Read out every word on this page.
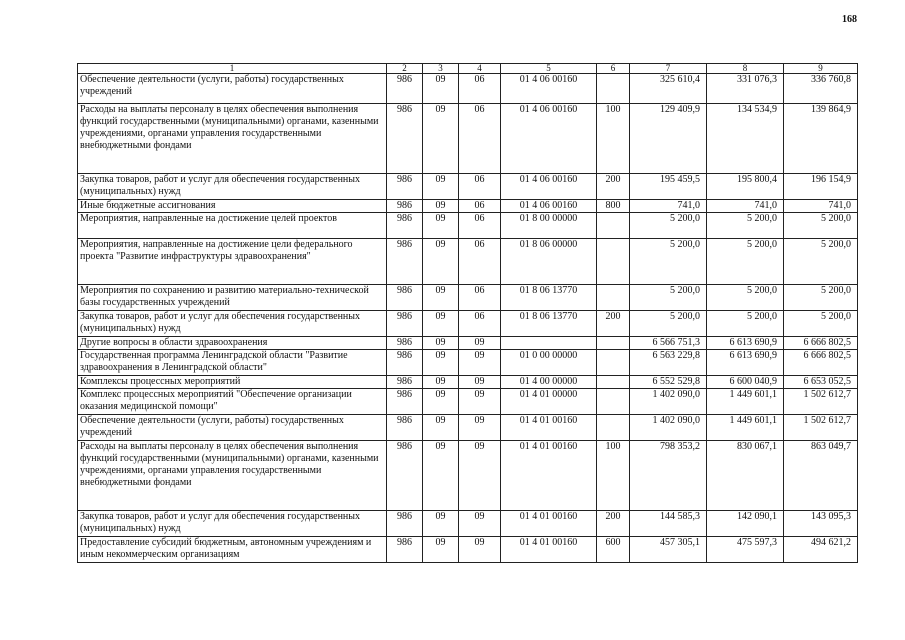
168
1	2	3	4	5	6	7	8	9
Обеспечение деятельности (услуги, работы) государственных учреждений	986	09	06	01 4 06 00160		325 610,4	331 076,3	336 760,8
Расходы на выплаты персоналу в целях обеспечения выполнения функций государственными (муниципальными) органами, казенными учреждениями, органами управления государственными внебюджетными фондами	986	09	06	01 4 06 00160	100	129 409,9	134 534,9	139 864,9
Закупка товаров, работ и услуг для обеспечения государственных (муниципальных) нужд	986	09	06	01 4 06 00160	200	195 459,5	195 800,4	196 154,9
Иные бюджетные ассигнования	986	09	06	01 4 06 00160	800	741,0	741,0	741,0
Мероприятия, направленные на достижение целей проектов	986	09	06	01 8 00 00000		5 200,0	5 200,0	5 200,0
Мероприятия, направленные на достижение цели федерального проекта "Развитие инфраструктуры здравоохранения"	986	09	06	01 8 06 00000		5 200,0	5 200,0	5 200,0
Мероприятия по сохранению и развитию материально-технической базы государственных учреждений	986	09	06	01 8 06 13770		5 200,0	5 200,0	5 200,0
Закупка товаров, работ и услуг для обеспечения государственных (муниципальных) нужд	986	09	06	01 8 06 13770	200	5 200,0	5 200,0	5 200,0
Другие вопросы в области здравоохранения	986	09	09			6 566 751,3	6 613 690,9	6 666 802,5
Государственная программа Ленинградской области "Развитие здравоохранения в Ленинградской области"	986	09	09	01 0 00 00000		6 563 229,8	6 613 690,9	6 666 802,5
Комплексы процессных мероприятий	986	09	09	01 4 00 00000		6 552 529,8	6 600 040,9	6 653 052,5
Комплекс процессных мероприятий "Обеспечение организации оказания медицинской помощи"	986	09	09	01 4 01 00000		1 402 090,0	1 449 601,1	1 502 612,7
Обеспечение деятельности (услуги, работы) государственных учреждений	986	09	09	01 4 01 00160		1 402 090,0	1 449 601,1	1 502 612,7
Расходы на выплаты персоналу в целях обеспечения выполнения функций государственными (муниципальными) органами, казенными учреждениями, органами управления государственными внебюджетными фондами	986	09	09	01 4 01 00160	100	798 353,2	830 067,1	863 049,7
Закупка товаров, работ и услуг для обеспечения государственных (муниципальных) нужд	986	09	09	01 4 01 00160	200	144 585,3	142 090,1	143 095,3
Предоставление субсидий бюджетным, автономным учреждениям и иным некоммерческим организациям	986	09	09	01 4 01 00160	600	457 305,1	475 597,3	494 621,2
